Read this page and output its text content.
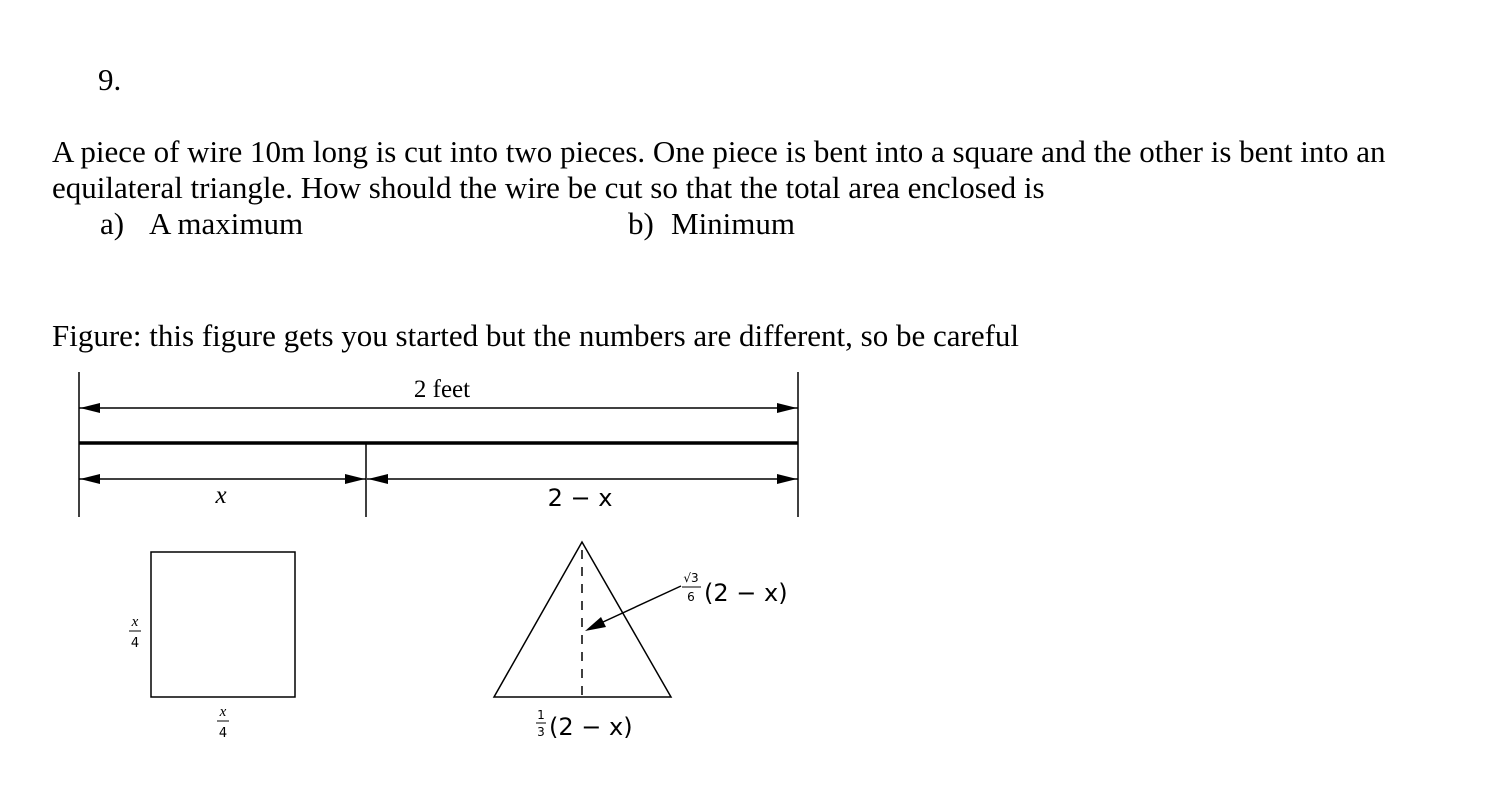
9.
A piece of wire 10m long is cut into two pieces. One piece is bent into a square and the other is bent into an
equilateral triangle. How should the wire be cut so that the total area enclosed is
a) A maximum	b) Minimum
Figure: this figure gets you started but the numbers are different, so be careful
2 feet
x	2 − x
x
4
x
4
√3
6 (2 − x)
1
3 (2 − x)
